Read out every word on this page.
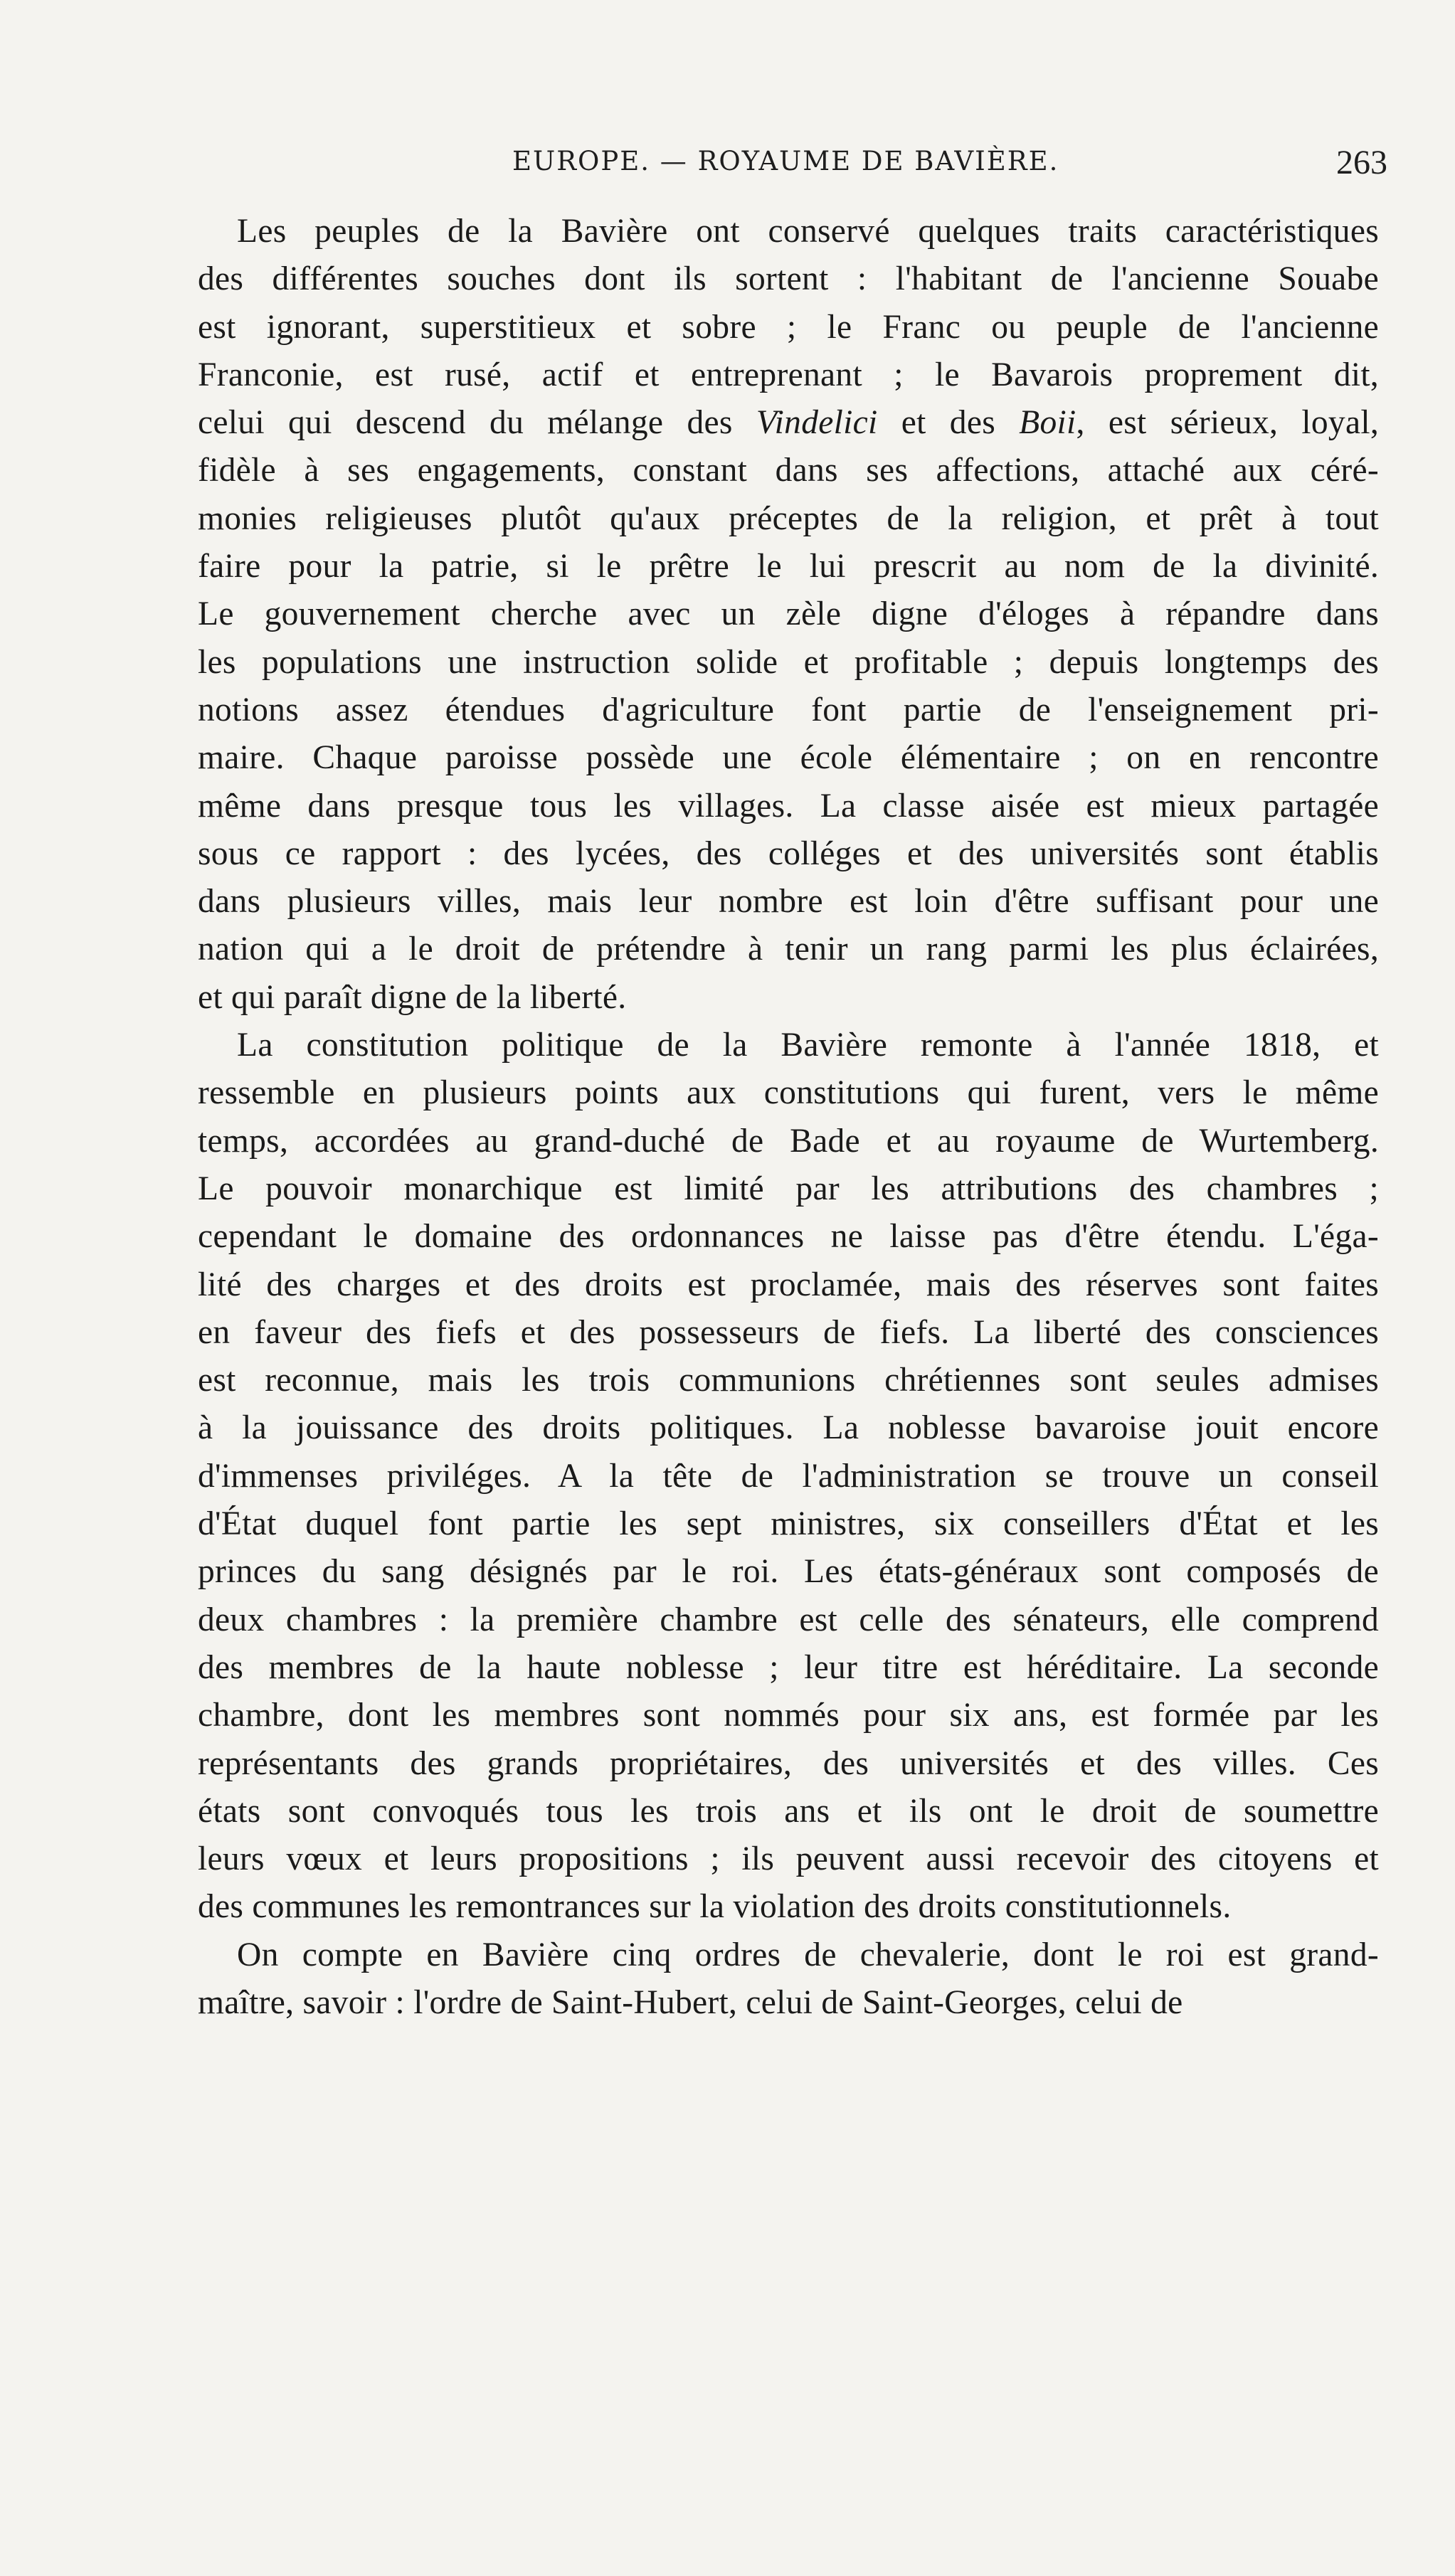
EUROPE. — ROYAUME DE BAVIÈRE.	263
Les peuples de la Bavière ont conservé quelques traits caractéristiques
des différentes souches dont ils sortent : l'habitant de l'ancienne Souabe
est ignorant, superstitieux et sobre ; le Franc ou peuple de l'ancienne
Franconie, est rusé, actif et entreprenant ; le Bavarois proprement dit,
celui qui descend du mélange des Vindelici et des Boii, est sérieux, loyal,
fidèle à ses engagements, constant dans ses affections, attaché aux céré-
monies religieuses plutôt qu'aux préceptes de la religion, et prêt à tout
faire pour la patrie, si le prêtre le lui prescrit au nom de la divinité.
Le gouvernement cherche avec un zèle digne d'éloges à répandre dans
les populations une instruction solide et profitable ; depuis longtemps des
notions assez étendues d'agriculture font partie de l'enseignement pri-
maire. Chaque paroisse possède une école élémentaire ; on en rencontre
même dans presque tous les villages. La classe aisée est mieux partagée
sous ce rapport : des lycées, des colléges et des universités sont établis
dans plusieurs villes, mais leur nombre est loin d'être suffisant pour une
nation qui a le droit de prétendre à tenir un rang parmi les plus éclairées,
et qui paraît digne de la liberté.
La constitution politique de la Bavière remonte à l'année 1818, et
ressemble en plusieurs points aux constitutions qui furent, vers le même
temps, accordées au grand-duché de Bade et au royaume de Wurtemberg.
Le pouvoir monarchique est limité par les attributions des chambres ;
cependant le domaine des ordonnances ne laisse pas d'être étendu. L'éga-
lité des charges et des droits est proclamée, mais des réserves sont faites
en faveur des fiefs et des possesseurs de fiefs. La liberté des consciences
est reconnue, mais les trois communions chrétiennes sont seules admises
à la jouissance des droits politiques. La noblesse bavaroise jouit encore
d'immenses priviléges. A la tête de l'administration se trouve un conseil
d'État duquel font partie les sept ministres, six conseillers d'État et les
princes du sang désignés par le roi. Les états-généraux sont composés de
deux chambres : la première chambre est celle des sénateurs, elle comprend
des membres de la haute noblesse ; leur titre est héréditaire. La seconde
chambre, dont les membres sont nommés pour six ans, est formée par les
représentants des grands propriétaires, des universités et des villes. Ces
états sont convoqués tous les trois ans et ils ont le droit de soumettre
leurs vœux et leurs propositions ; ils peuvent aussi recevoir des citoyens et
des communes les remontrances sur la violation des droits constitutionnels.
On compte en Bavière cinq ordres de chevalerie, dont le roi est grand-
maître, savoir : l'ordre de Saint-Hubert, celui de Saint-Georges, celui de
